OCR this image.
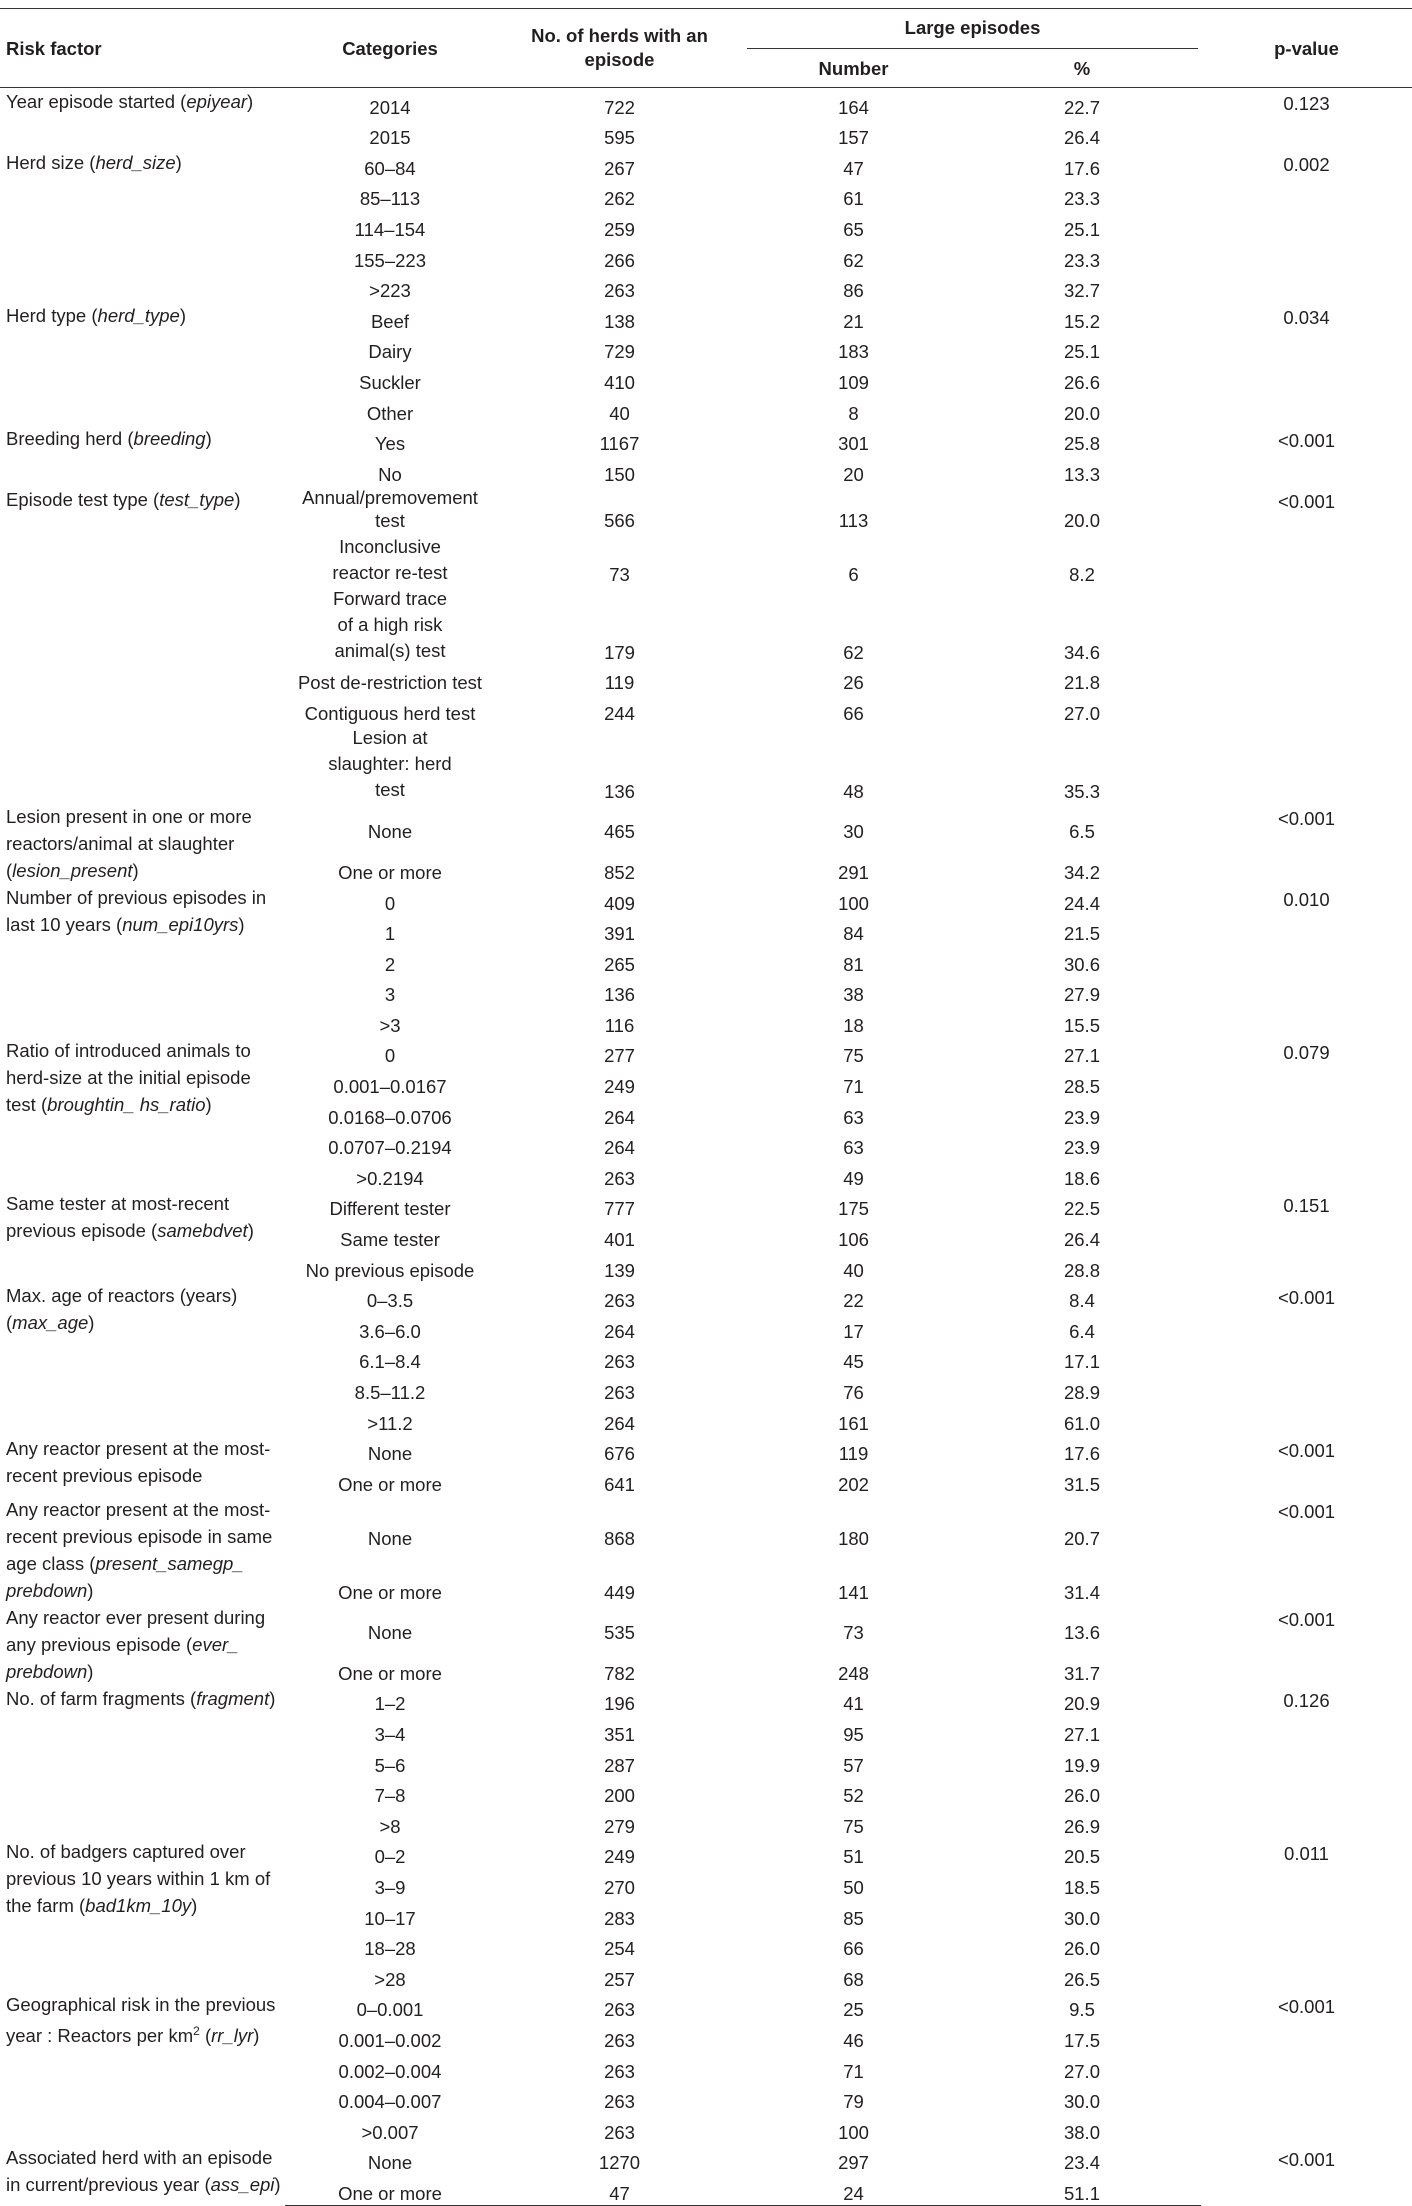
Risk factor	Categories	No. of herds with an episode	Large episodes		p-value
			Number	%	
Year episode started (epiyear)	2014	722	164	22.7	0.123
	2015	595	157	26.4	
Herd size (herd_size)	60–84	267	47	17.6	0.002
	85–113	262	61	23.3	
	114–154	259	65	25.1	
	155–223	266	62	23.3	
	>223	263	86	32.7	
Herd type (herd_type)	Beef	138	21	15.2	0.034
	Dairy	729	183	25.1	
	Suckler	410	109	26.6	
	Other	40	8	20.0	
Breeding herd (breeding)	Yes	1167	301	25.8	<0.001
	No	150	20	13.3	
Episode test type (test_type)	Annual/premovement test	566	113	20.0	<0.001
	Inconclusive reactor re-test	73	6	8.2	
	Forward trace of a high risk animal(s) test	179	62	34.6	
	Post de-restriction test	119	26	21.8	
	Contiguous herd test	244	66	27.0	
	Lesion at slaughter: herd test	136	48	35.3	
Lesion present in one or more reactors/animal at slaughter (lesion_present)	None	465	30	6.5	<0.001
	One or more	852	291	34.2	
Number of previous episodes in last 10 years (num_epi10yrs)	0	409	100	24.4	0.010
	1	391	84	21.5	
	2	265	81	30.6	
	3	136	38	27.9	
	>3	116	18	15.5	
Ratio of introduced animals to herd-size at the initial episode test (broughtin_ hs_ratio)	0	277	75	27.1	0.079
	0.001–0.0167	249	71	28.5	
	0.0168–0.0706	264	63	23.9	
	0.0707–0.2194	264	63	23.9	
	>0.2194	263	49	18.6	
Same tester at most-recent previous episode (samebdvet)	Different tester	777	175	22.5	0.151
	Same tester	401	106	26.4	
	No previous episode	139	40	28.8	
Max. age of reactors (years) (max_age)	0–3.5	263	22	8.4	<0.001
	3.6–6.0	264	17	6.4	
	6.1–8.4	263	45	17.1	
	8.5–11.2	263	76	28.9	
	>11.2	264	161	61.0	
Any reactor present at the most-recent previous episode	None	676	119	17.6	<0.001
	One or more	641	202	31.5	
Any reactor present at the most-recent previous episode in same age class (present_samegp_ prebdown)	None	868	180	20.7	<0.001
	One or more	449	141	31.4	
Any reactor ever present during any previous episode (ever_ prebdown)	None	535	73	13.6	<0.001
	One or more	782	248	31.7	
No. of farm fragments (fragment)	1–2	196	41	20.9	0.126
	3–4	351	95	27.1	
	5–6	287	57	19.9	
	7–8	200	52	26.0	
	>8	279	75	26.9	
No. of badgers captured over previous 10 years within 1 km of the farm (bad1km_10y)	0–2	249	51	20.5	0.011
	3–9	270	50	18.5	
	10–17	283	85	30.0	
	18–28	254	66	26.0	
	>28	257	68	26.5	
Geographical risk in the previous year : Reactors per $km^2$ (rr_lyr)	0–0.001	263	25	9.5	<0.001
	0.001–0.002	263	46	17.5	
	0.002–0.004	263	71	27.0	
	0.004–0.007	263	79	30.0	
	>0.007	263	100	38.0	
Associated herd with an episode in current/previous year (ass_epi)	None	1270	297	23.4	<0.001
	One or more	47	24	51.1	
